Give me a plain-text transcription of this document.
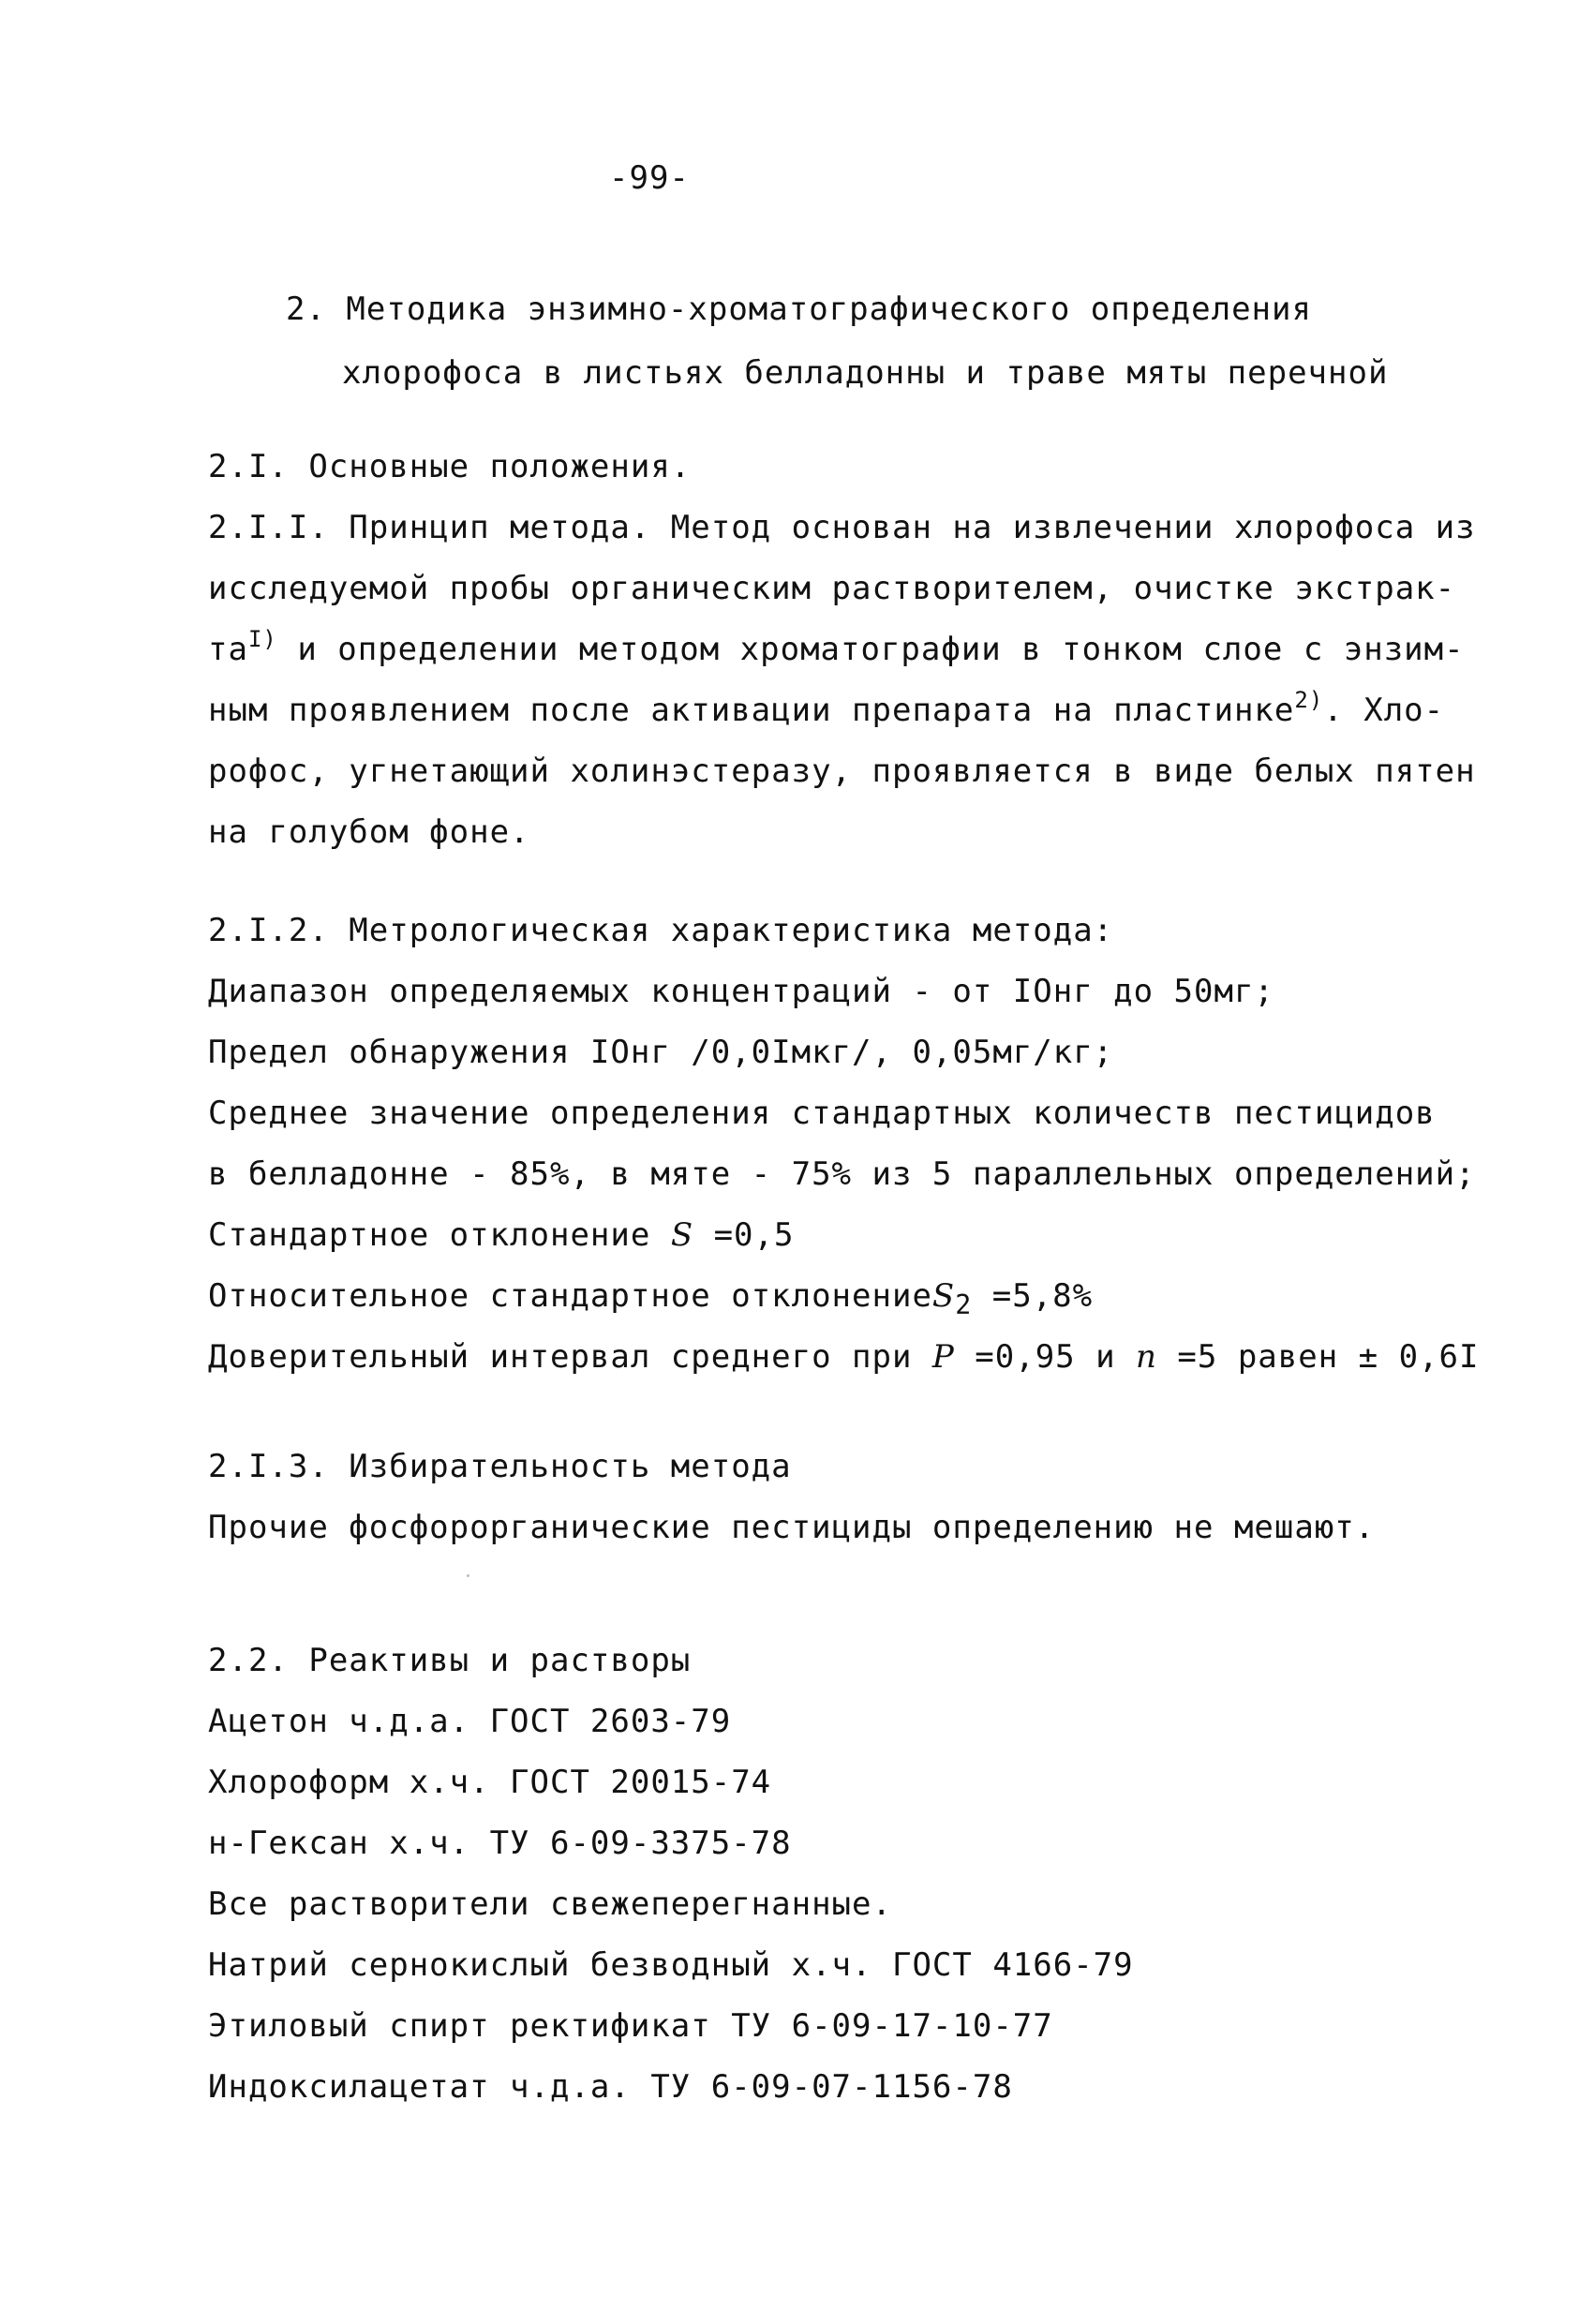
-99-
2. Методика энзимно-хроматографического определения
хлорофоса в листьях белладонны и траве мяты перечной
2.I. Основные положения.
2.I.I. Принцип метода. Метод основан на извлечении хлорофоса из
исследуемой пробы органическим растворителем, очистке экстрак-
$та^{I)}$ и определении методом хроматографии в тонком слое с энзим-
ным проявлением после активации препарата на пластинке$^{2)}$. Хло-
рофос, угнетающий холинэстеразу, проявляется в виде белых пятен
на голубом фоне.
2.I.2. Метрологическая характеристика метода:
Диапазон определяемых концентраций - от IOнг до 50мг;
Предел обнаружения IOнг /0,0Iмкг/, 0,05мг/кг;
Среднее значение определения стандартных количеств пестицидов
в белладонне - 85%, в мяте - 75% из 5 параллельных определений;
Стандартное отклонение S =0,5
Относительное стандартное отклонениеS$_2$ =5,8%
Доверительный интервал среднего при P =0,95 и n =5 равен ± 0,6I
2.I.3. Избирательность метода
Прочие фосфорорганические пестициды определению не мешают.
2.2. Реактивы и растворы
Ацетон ч.д.а. ГОСТ 2603-79
Хлороформ х.ч. ГОСТ 20015-74
н-Гексан х.ч. ТУ 6-09-3375-78
Все растворители свежеперегнанные.
Натрий сернокислый безводный х.ч. ГОСТ 4166-79
Этиловый спирт ректификат ТУ 6-09-17-10-77
Индоксилацетат ч.д.а. ТУ 6-09-07-1156-78
